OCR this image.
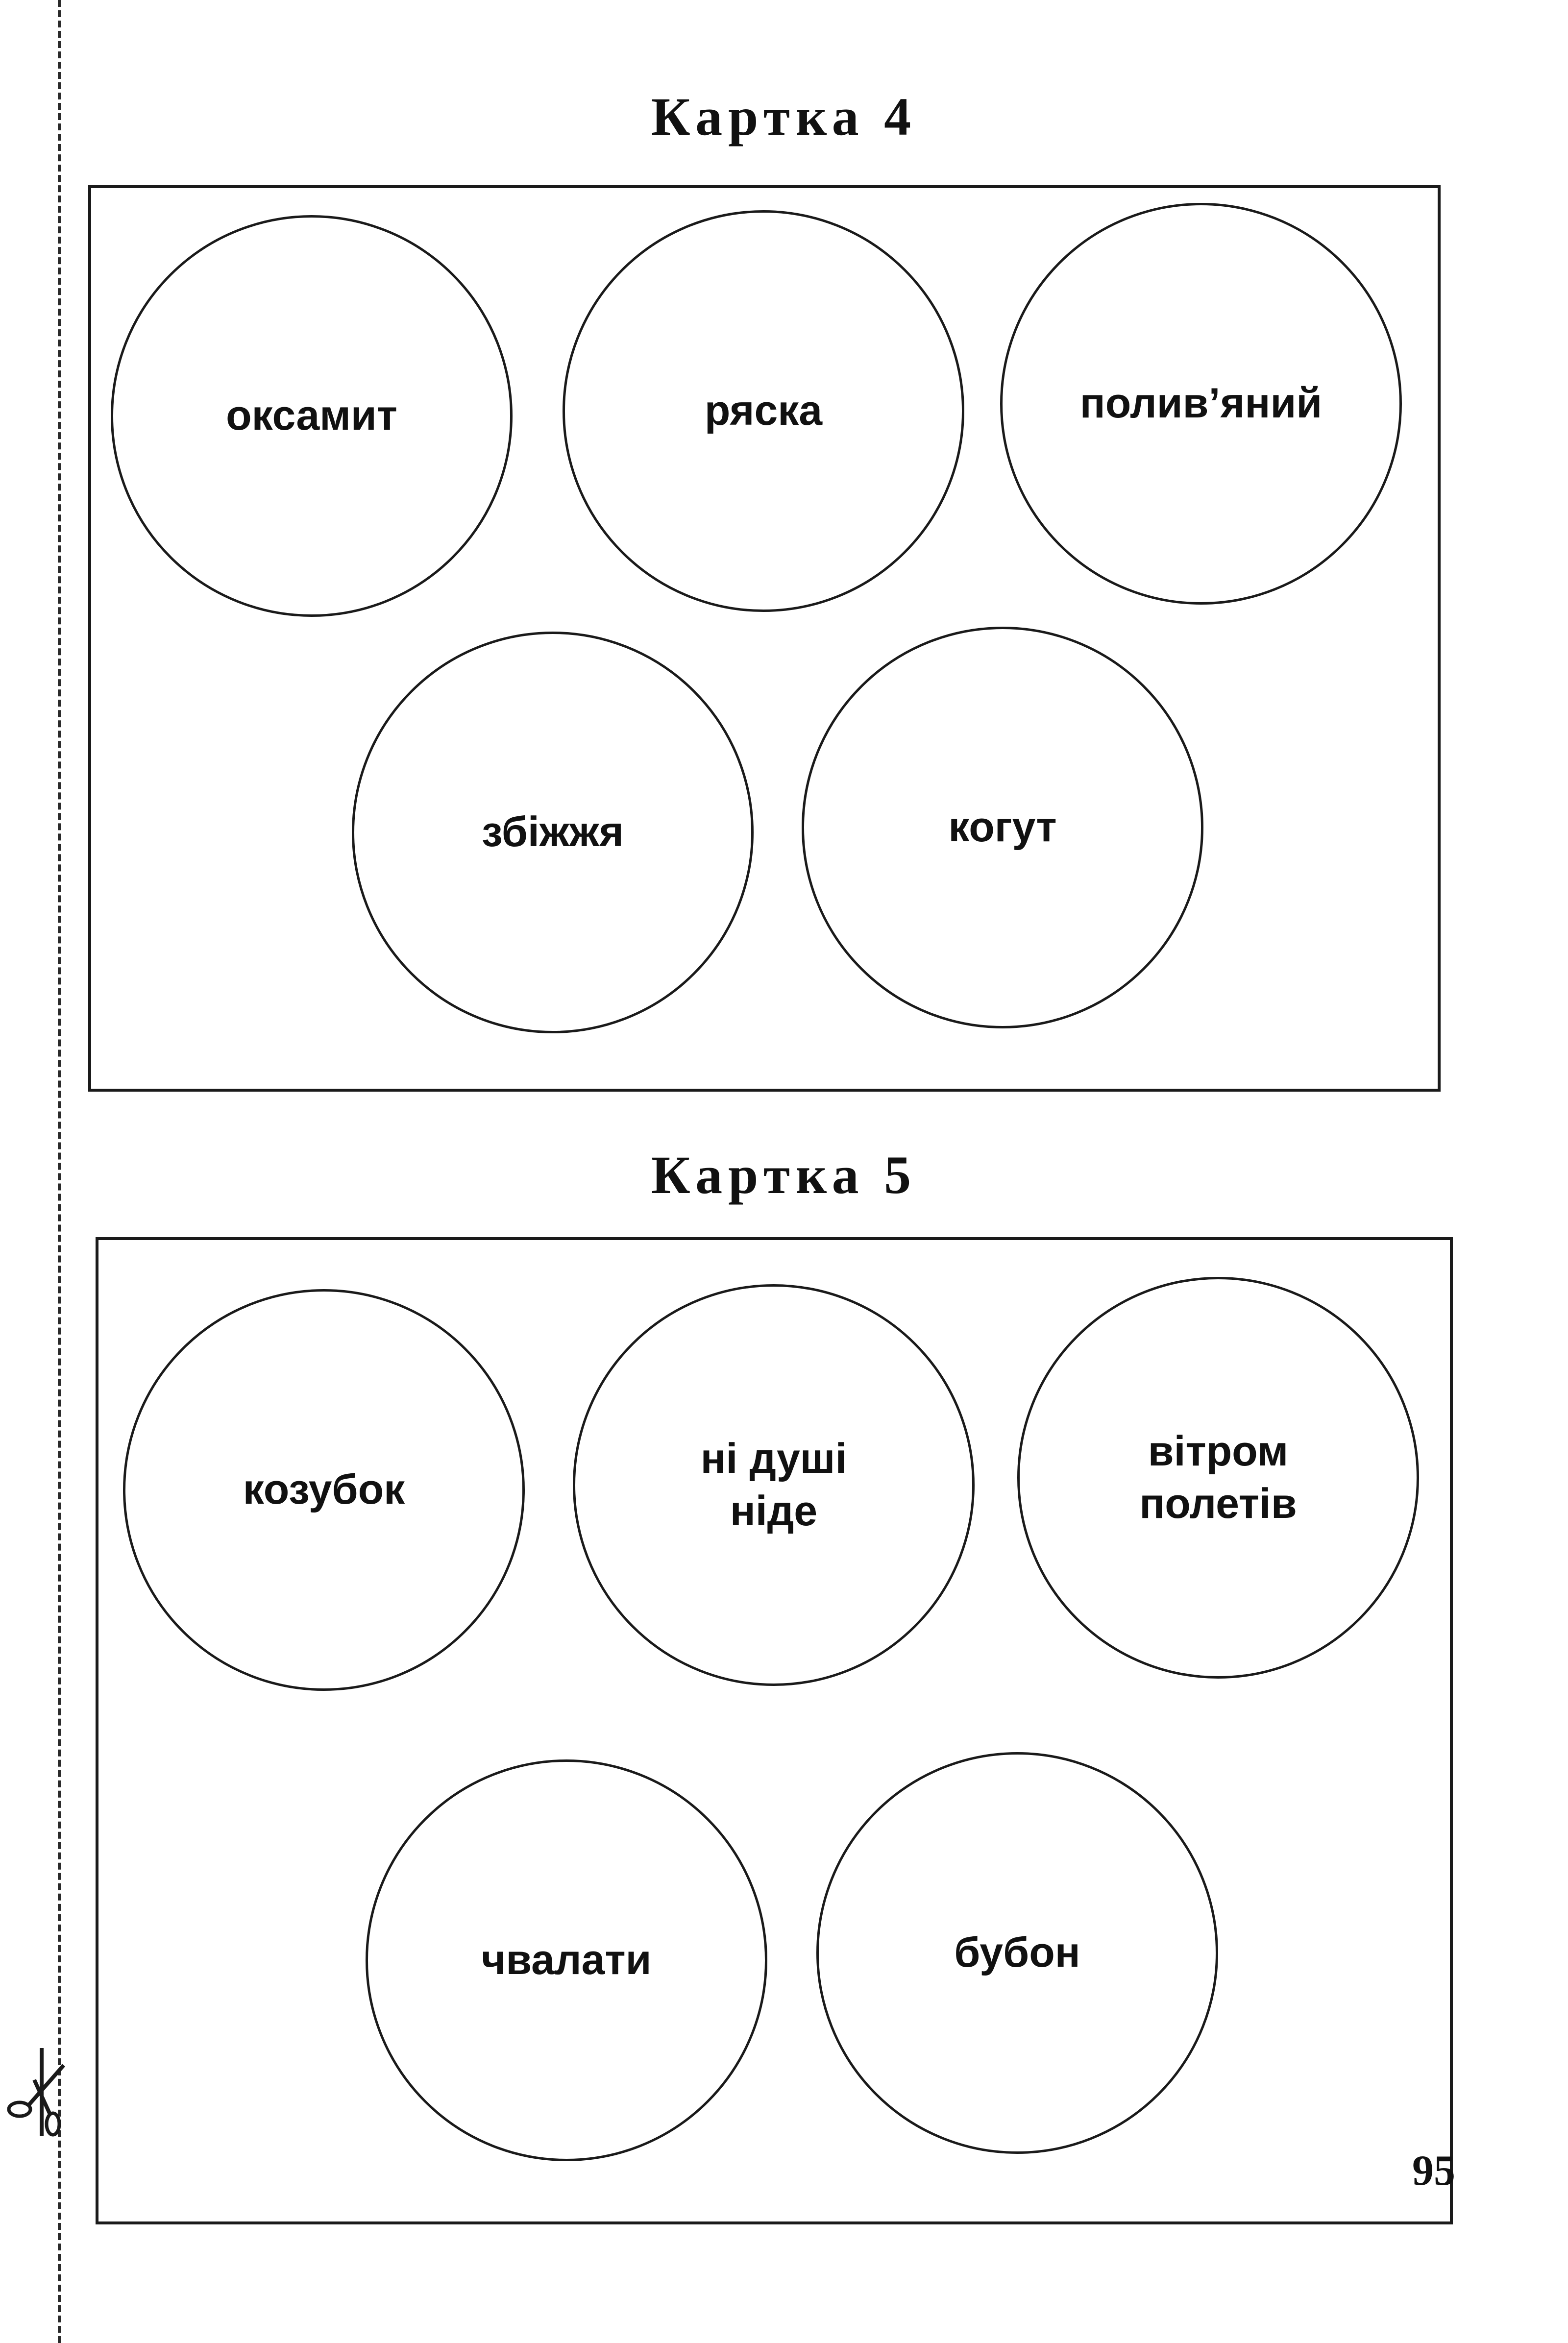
Картка 4
оксамит	ряска	полив’яний
збіжжя	когут
Картка 5
козубок
ні душі
ніде
вітром
полетів
чвалати	бубон
95
